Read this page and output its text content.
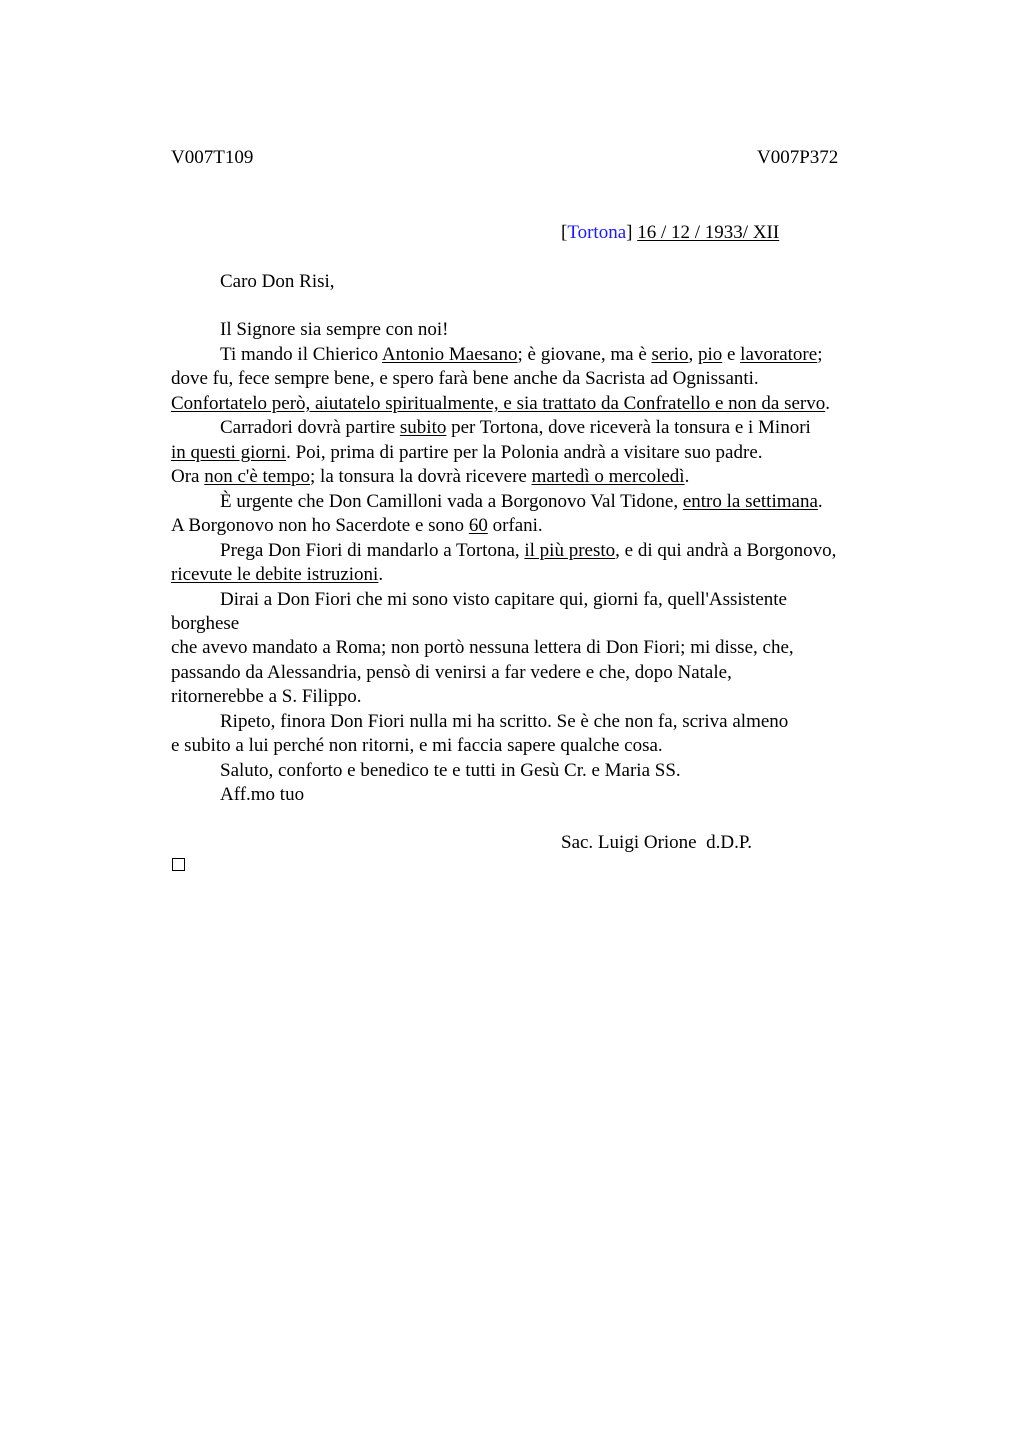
V007T109	V007P372
[Tortona] 16 / 12 / 1933/ XII
Caro Don Risi,
Il Signore sia sempre con noi!
Ti mando il Chierico Antonio Maesano; è giovane, ma è serio, pio e lavoratore;
dove fu, fece sempre bene, e spero farà bene anche da Sacrista ad Ognissanti.
Confortatelo però, aiutatelo spiritualmente, e sia trattato da Confratello e non da servo.
Carradori dovrà partire subito per Tortona, dove riceverà la tonsura e i Minori
in questi giorni. Poi, prima di partire per la Polonia andrà a visitare suo padre.
Ora non c'è tempo; la tonsura la dovrà ricevere martedì o mercoledì.
È urgente che Don Camilloni vada a Borgonovo Val Tidone, entro la settimana.
A Borgonovo non ho Sacerdote e sono 60 orfani.
Prega Don Fiori di mandarlo a Tortona, il più presto, e di qui andrà a Borgonovo,
ricevute le debite istruzioni.
Dirai a Don Fiori che mi sono visto capitare qui, giorni fa, quell'Assistente
borghese
che avevo mandato a Roma; non portò nessuna lettera di Don Fiori; mi disse, che,
passando da Alessandria, pensò di venirsi a far vedere e che, dopo Natale,
ritornerebbe a S. Filippo.
Ripeto, finora Don Fiori nulla mi ha scritto. Se è che non fa, scriva almeno
e subito a lui perché non ritorni, e mi faccia sapere qualche cosa.
Saluto, conforto e benedico te e tutti in Gesù Cr. e Maria SS.
Aff.mo tuo
Sac. Luigi Orione  d.D.P.
